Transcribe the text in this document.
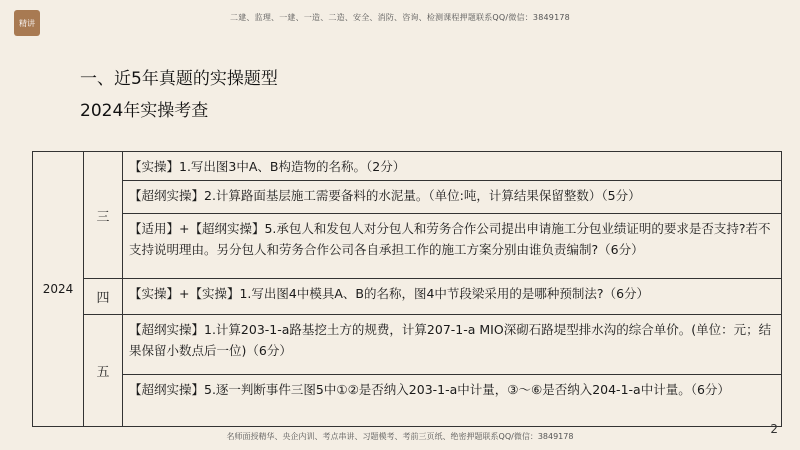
精讲
二建、监理、一建、一造、二造、安全、消防、咨询、检测课程押题联系QQ/微信：3849178
一、近5年真题的实操题型
2024年实操考查
2024	三	【实操】1.写出图3中A、B构造物的名称。（2分）
【超纲实操】2.计算路面基层施工需要备料的水泥量。（单位:吨，计算结果保留整数）（5分）
【适用】+【超纲实操】5.承包人和发包人对分包人和劳务合作公司提出申请施工分包业绩证明的要求是否支持?若不支持说明理由。另分包人和劳务合作公司各自承担工作的施工方案分别由谁负责编制?（6分）

	四	【实操】+【实操】1.写出图4中模具A、B的名称，图4中节段梁采用的是哪种预制法?（6分）

	五	【超纲实操】1.计算203-1-a路基挖土方的规费，计算207-1-a MIO深砌石路堤型排水沟的综合单价。(单位：元；结果保留小数点后一位)（6分）
【超纲实操】5.逐一判断事件三图5中①②是否纳入203-1-a中计量，③～⑥是否纳入204-1-a中计量。（6分）
名师面授精华、央企内训、考点串讲、习题模考、考前三页纸、绝密押题联系QQ/微信：3849178
2
